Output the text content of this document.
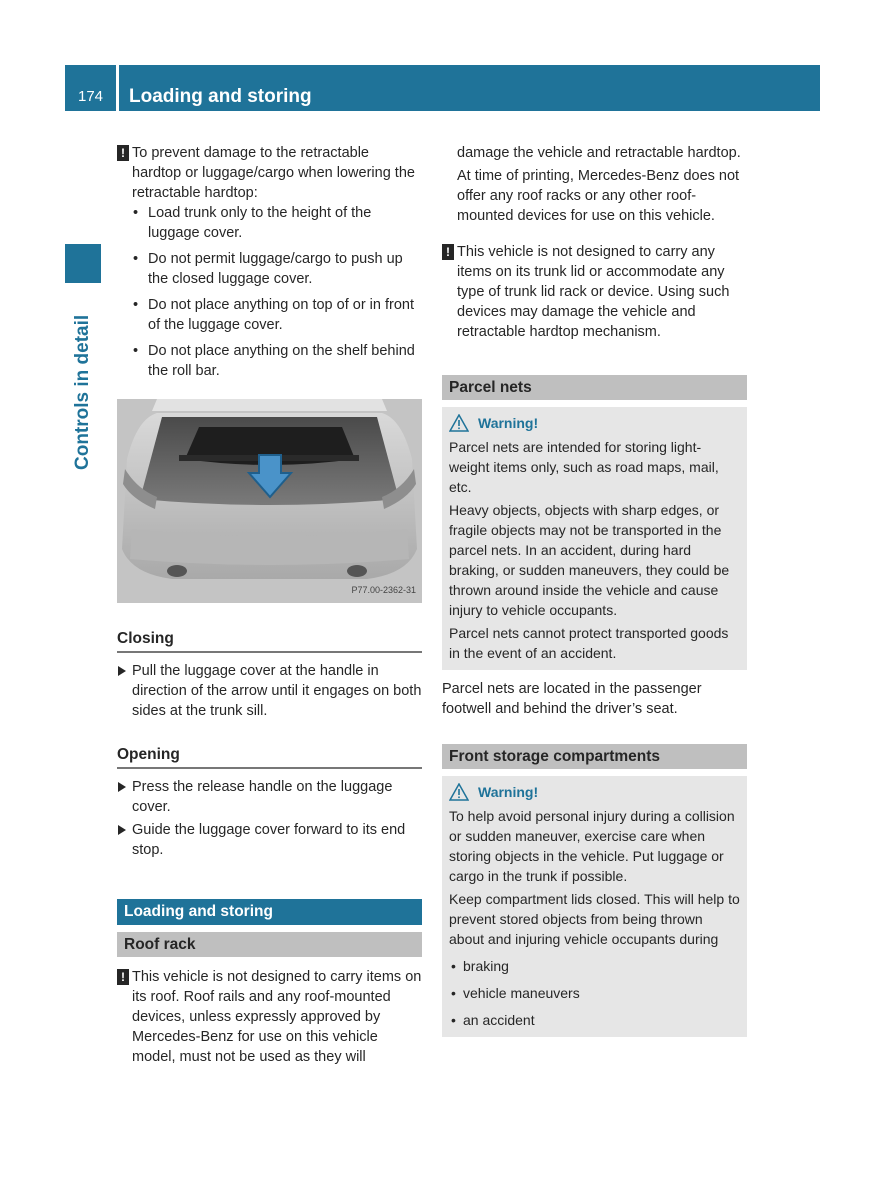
174	Loading and storing
Controls in detail
! To prevent damage to the retractable hardtop or luggage/cargo when lowering the retractable hardtop:
• Load trunk only to the height of the luggage cover.
• Do not permit luggage/cargo to push up the closed luggage cover.
• Do not place anything on top of or in front of the luggage cover.
• Do not place anything on the shelf behind the roll bar.
P77.00-2362-31
Closing
Pull the luggage cover at the handle in direction of the arrow until it engages on both sides at the trunk sill.
Opening
Press the release handle on the luggage cover.
Guide the luggage cover forward to its end stop.
Loading and storing
Roof rack
! This vehicle is not designed to carry items on its roof. Roof rails and any roof-mounted devices, unless expressly approved by Mercedes-Benz for use on this vehicle model, must not be used as they will

damage the vehicle and retractable hardtop.

At time of printing, Mercedes-Benz does not offer any roof racks or any other roof-mounted devices for use on this vehicle.

! This vehicle is not designed to carry any items on its trunk lid or accommodate any type of trunk lid rack or device. Using such devices may damage the vehicle and retractable hardtop mechanism.
Parcel nets
Warning!

Parcel nets are intended for storing light-weight items only, such as road maps, mail, etc.

Heavy objects, objects with sharp edges, or fragile objects may not be transported in the parcel nets. In an accident, during hard braking, or sudden maneuvers, they could be thrown around inside the vehicle and cause injury to vehicle occupants.

Parcel nets cannot protect transported goods in the event of an accident.

Parcel nets are located in the passenger footwell and behind the driver’s seat.

Front storage compartments
Warning!

To help avoid personal injury during a collision or sudden maneuver, exercise care when storing objects in the vehicle. Put luggage or cargo in the trunk if possible.

Keep compartment lids closed. This will help to prevent stored objects from being thrown about and injuring vehicle occupants during

• braking
• vehicle maneuvers
• an accident
